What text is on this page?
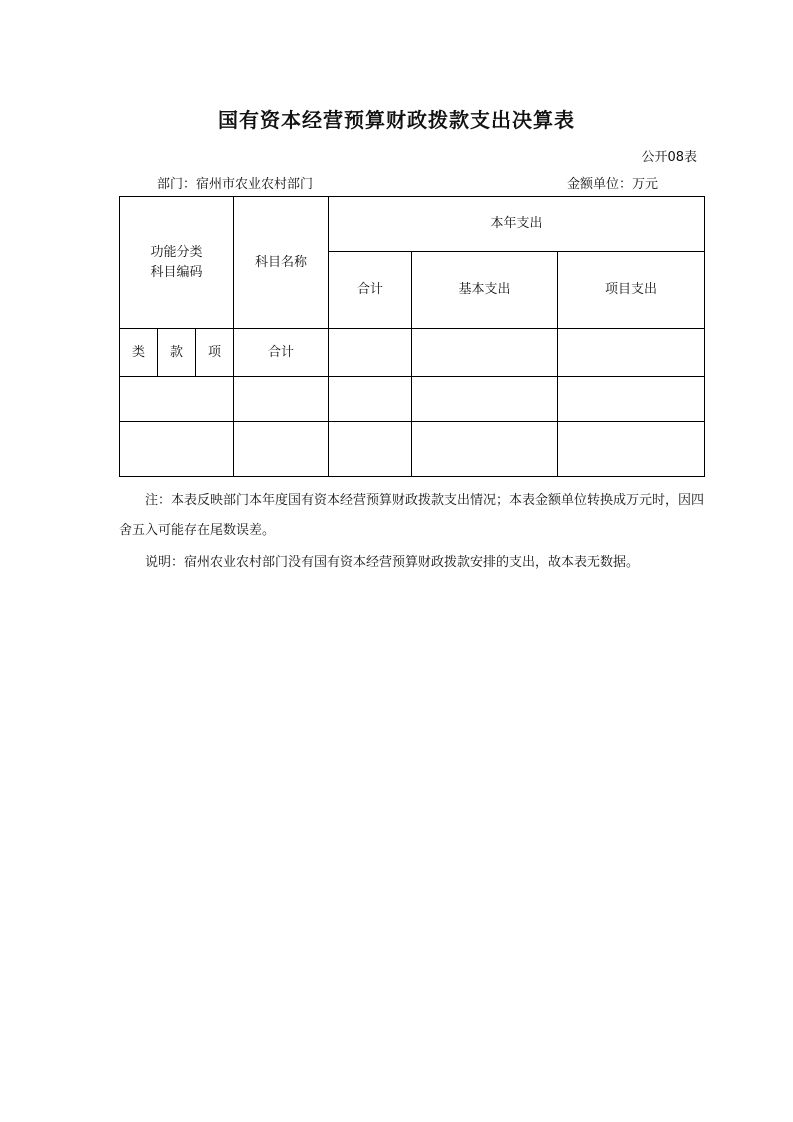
国有资本经营预算财政拨款支出决算表
公开08表
部门：宿州市农业农村部门	金额单位：万元
功能分类
科目编码			科目名称	本年支出		
				合计	基本支出	项目支出
类	款	项	合计			

注：本表反映部门本年度国有资本经营预算财政拨款支出情况；本表金额单位转换成万元时，因四舍五入可能存在尾数误差。

说明：宿州农业农村部门没有国有资本经营预算财政拨款安排的支出，故本表无数据。
